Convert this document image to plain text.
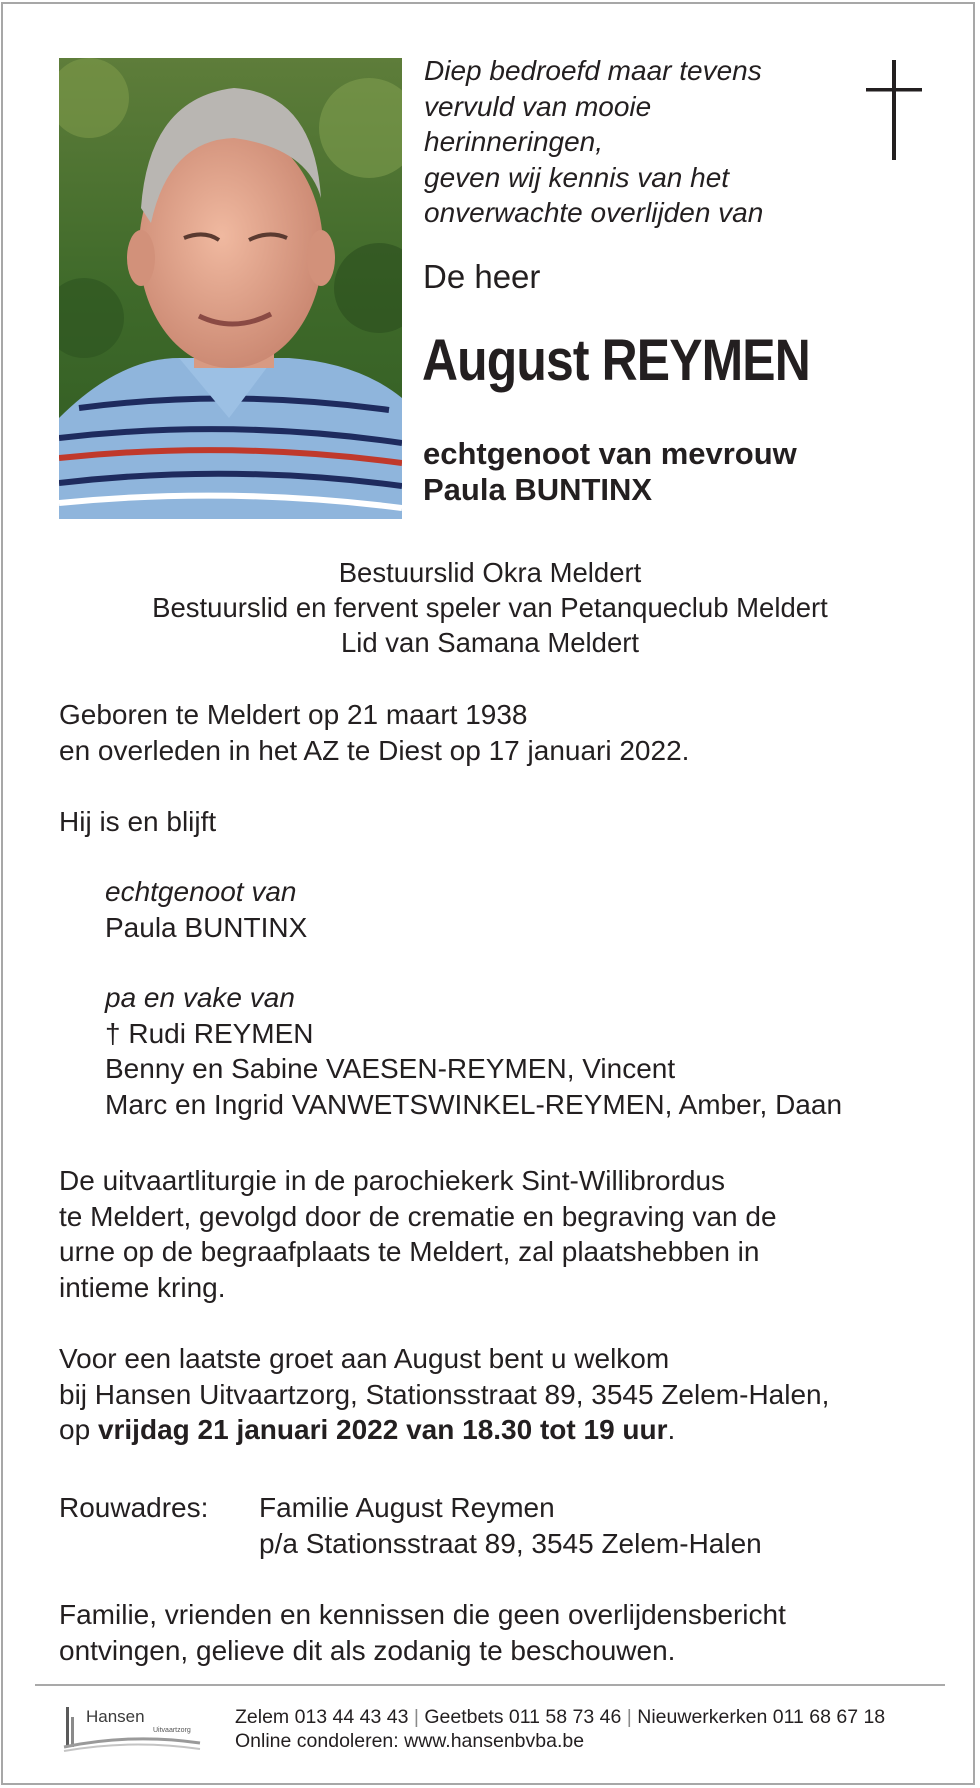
Diep bedroefd maar tevens
vervuld van mooie
herinneringen,
geven wij kennis van het
onverwachte overlijden van
De heer
August REYMEN
echtgenoot van mevrouw
Paula BUNTINX
Bestuurslid Okra Meldert
Bestuurslid en fervent speler van Petanqueclub Meldert
Lid van Samana Meldert
Geboren te Meldert op 21 maart 1938
en overleden in het AZ te Diest op 17 januari 2022.
Hij is en blijft
echtgenoot van
Paula BUNTINX
pa en vake van
† Rudi REYMEN
Benny en Sabine VAESEN-REYMEN, Vincent
Marc en Ingrid VANWETSWINKEL-REYMEN, Amber, Daan
De uitvaartliturgie in de parochiekerk Sint-Willibrordus
te Meldert, gevolgd door de crematie en begraving van de
urne op de begraafplaats te Meldert, zal plaatshebben in
intieme kring.
Voor een laatste groet aan August bent u welkom
bij Hansen Uitvaartzorg, Stationsstraat 89, 3545 Zelem-Halen,
op vrijdag 21 januari 2022 van 18.30 tot 19 uur.
Rouwadres: Familie August Reymen
p/a Stationsstraat 89, 3545 Zelem-Halen
Familie, vrienden en kennissen die geen overlijdensbericht
ontvingen, gelieve dit als zodanig te beschouwen.
Hansen
Uitvaartzorg
Zelem 013 44 43 43 | Geetbets 011 58 73 46 | Nieuwerkerken 011 68 67 18
Online condoleren: www.hansenbvba.be
